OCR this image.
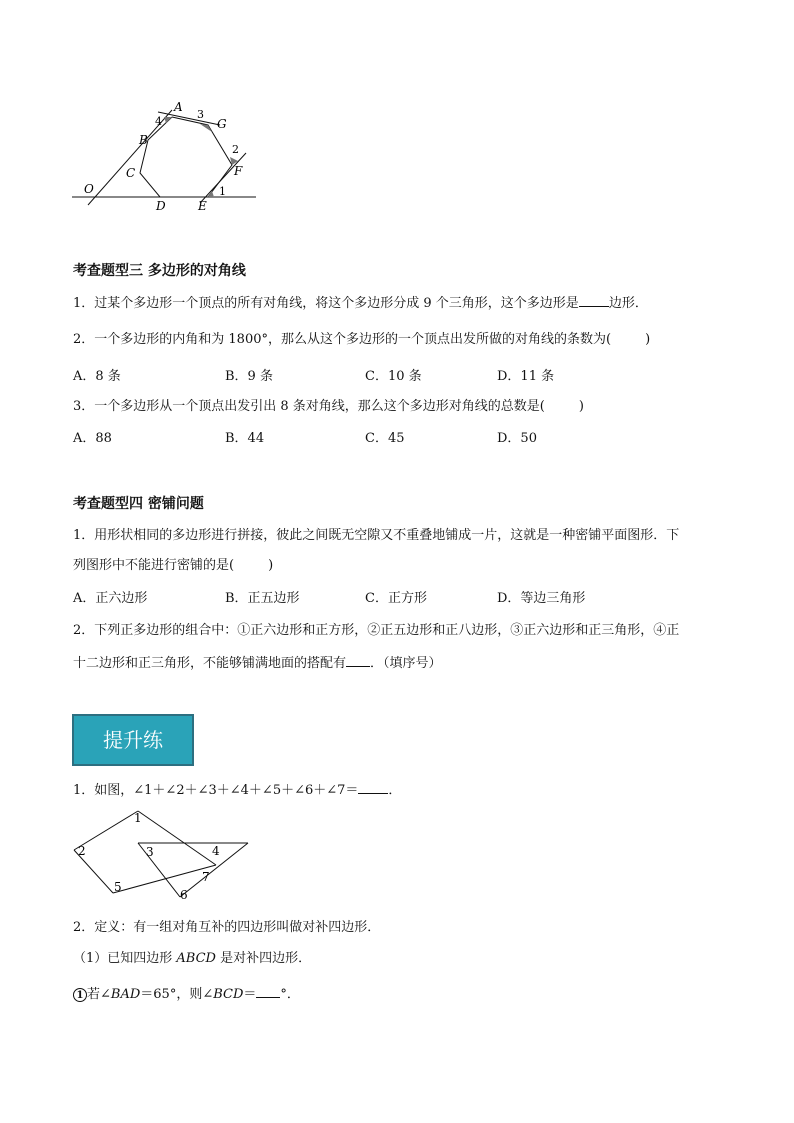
A
4
3
G
B
2
F
C
O	1
D	E
考查题型三 多边形的对角线
1．过某个多边形一个顶点的所有对角线，将这个多边形分成 9 个三角形，这个多边形是 边形．
2．一个多边形的内角和为 1800°，那么从这个多边形的一个顶点出发所做的对角线的条数为(	)
A．8 条	B．9 条	C．10 条	D．11 条
3．一个多边形从一个顶点出发引出 8 条对角线，那么这个多边形对角线的总数是(	)
A．88	B．44	C．45	D．50
考查题型四 密铺问题
1．用形状相同的多边形进行拼接，彼此之间既无空隙又不重叠地铺成一片，这就是一种密铺平面图形．下
列图形中不能进行密铺的是(	)
A．正六边形	B．正五边形	C．正方形	D．等边三角形
2．下列正多边形的组合中：①正六边形和正方形，②正五边形和正八边形，③正六边形和正三角形，④正
十二边形和正三角形，不能够铺满地面的搭配有 ．（填序号）
提升练
1．如图，∠1＋∠2＋∠3＋∠4＋∠5＋∠6＋∠7＝ ．
1
2	3	4
5
7
6
2．定义：有一组对角互补的四边形叫做对补四边形．
（1）已知四边形 ABCD 是对补四边形．
1 若∠BAD＝65°，则∠BCD＝ °．
